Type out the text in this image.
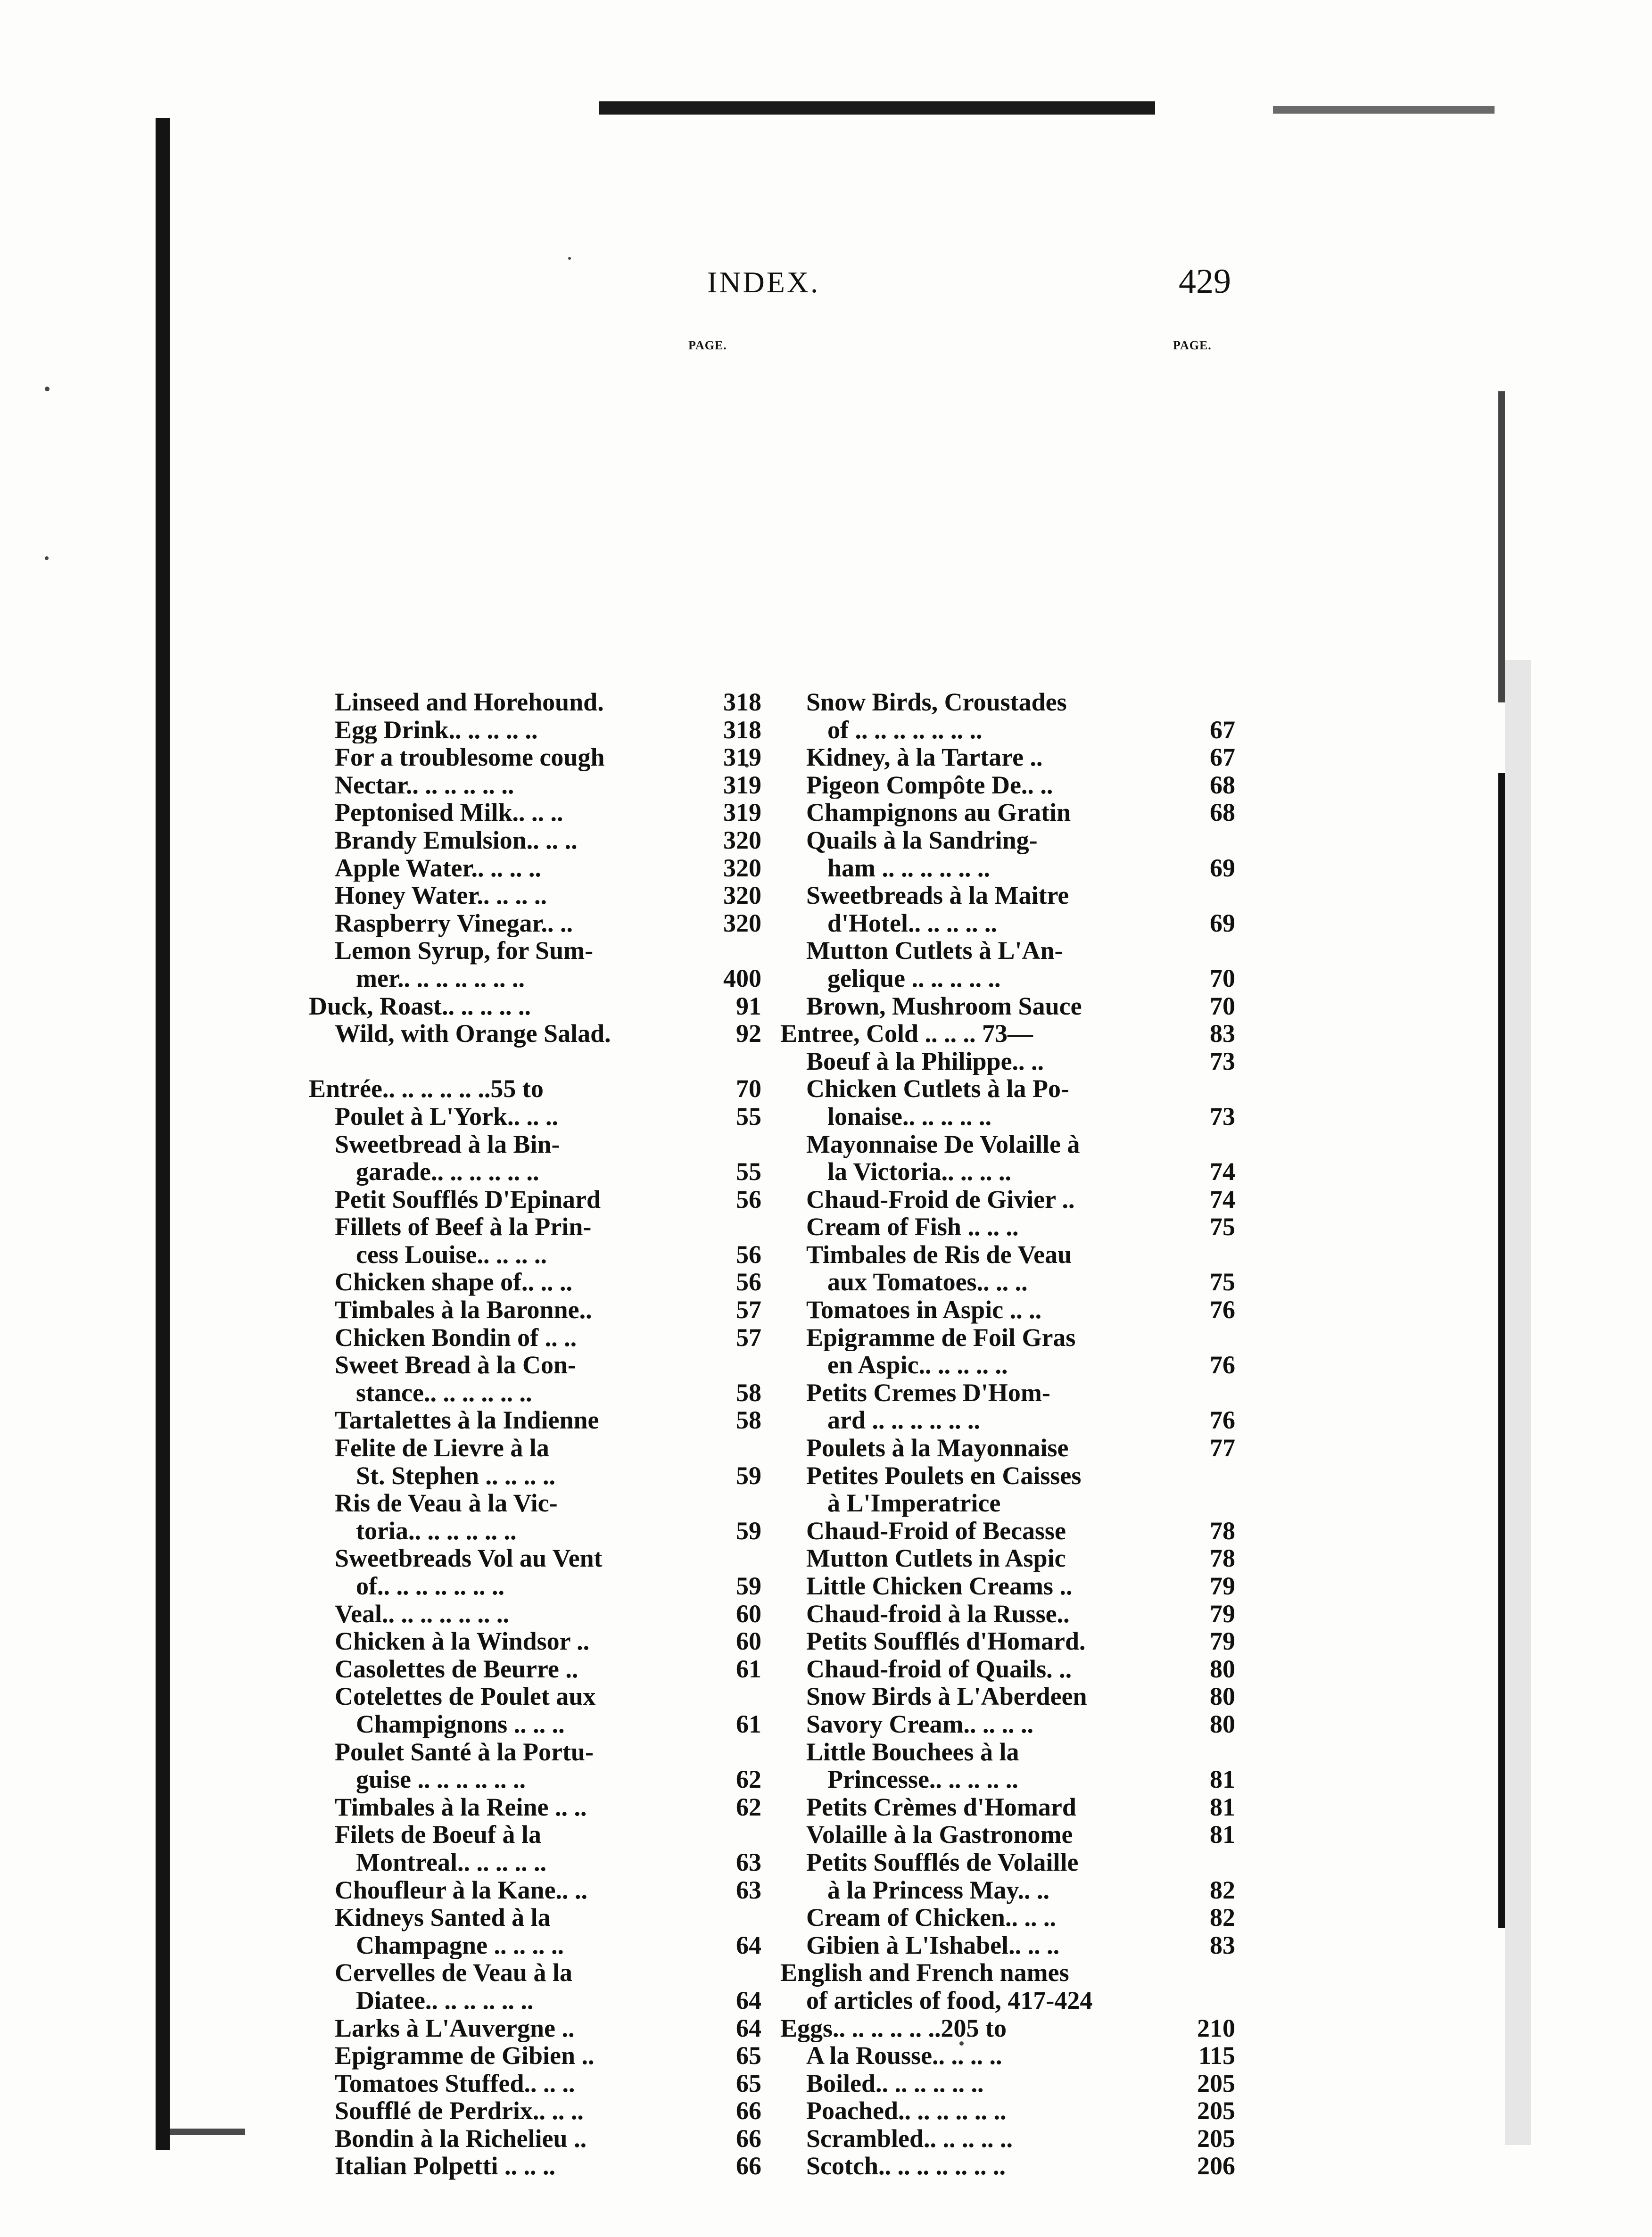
INDEX.	429
PAGE.
Linseed and Horehound.	318
Egg Drink.. .. .. .. ..	318
For a troublesome cough	319
Nectar.. .. .. .. .. ..	319
Peptonised Milk.. .. ..	319
Brandy Emulsion.. .. ..	320
Apple Water.. .. .. ..	320
Honey Water.. .. .. ..	320
Raspberry Vinegar.. ..	320
Lemon Syrup, for Sum-
mer.. .. .. .. .. .. ..	400
Duck, Roast.. .. .. .. ..	91
Wild, with Orange Salad.	92
Entrée.. .. .. .. .. ..55 to	70
Poulet à L'York.. .. ..	55
Sweetbread à la Bin-
garade.. .. .. .. .. ..	55
Petit Soufflés D'Epinard	56
Fillets of Beef à la Prin-
cess Louise.. .. .. ..	56
Chicken shape of.. .. ..	56
Timbales à la Baronne..	57
Chicken Bondin of .. ..	57
Sweet Bread à la Con-
stance.. .. .. .. .. ..	58
Tartalettes à la Indienne	58
Felite de Lievre à la
St. Stephen .. .. .. ..	59
Ris de Veau à la Vic-
toria.. .. .. .. .. ..	59
Sweetbreads Vol au Vent
of.. .. .. .. .. .. ..	59
Veal.. .. .. .. .. .. ..	60
Chicken à la Windsor ..	60
Casolettes de Beurre ..	61
Cotelettes de Poulet aux
Champignons .. .. ..	61
Poulet Santé à la Portu-
guise .. .. .. .. .. ..	62
Timbales à la Reine .. ..	62
Filets de Boeuf à la
Montreal.. .. .. .. ..	63
Choufleur à la Kane.. ..	63
Kidneys Santed à la
Champagne .. .. .. ..	64
Cervelles de Veau à la
Diatee.. .. .. .. .. ..	64
Larks à L'Auvergne ..	64
Epigramme de Gibien ..	65
Tomatoes Stuffed.. .. ..	65
Soufflé de Perdrix.. .. ..	66
Bondin à la Richelieu ..	66
Italian Polpetti .. .. ..	66
PAGE.
Snow Birds, Croustades
of .. .. .. .. .. .. ..	67
Kidney, à la Tartare ..	67
Pigeon Compôte De.. ..	68
Champignons au Gratin	68
Quails à la Sandring-
ham .. .. .. .. .. ..	69
Sweetbreads à la Maitre
d'Hotel.. .. .. .. ..	69
Mutton Cutlets à L'An-
gelique .. .. .. .. ..	70
Brown, Mushroom Sauce	70
Entree, Cold .. .. .. 73—	83
Boeuf à la Philippe.. ..	73
Chicken Cutlets à la Po-
lonaise.. .. .. .. ..	73
Mayonnaise De Volaille à
la Victoria.. .. .. ..	74
Chaud-Froid de Givier ..	74
Cream of Fish .. .. ..	75
Timbales de Ris de Veau
aux Tomatoes.. .. ..	75
Tomatoes in Aspic .. ..	76
Epigramme de Foil Gras
en Aspic.. .. .. .. ..	76
Petits Cremes D'Hom-
ard .. .. .. .. .. ..	76
Poulets à la Mayonnaise	77
Petites Poulets en Caisses
à L'Imperatrice
Chaud-Froid of Becasse	78
Mutton Cutlets in Aspic	78
Little Chicken Creams ..	79
Chaud-froid à la Russe..	79
Petits Soufflés d'Homard.	79
Chaud-froid of Quails. ..	80
Snow Birds à L'Aberdeen	80
Savory Cream.. .. .. ..	80
Little Bouchees à la
Princesse.. .. .. .. ..	81
Petits Crèmes d'Homard	81
Volaille à la Gastronome	81
Petits Soufflés de Volaille
à la Princess May.. ..	82
Cream of Chicken.. .. ..	82
Gibien à L'Ishabel.. .. ..	83
English and French names
of articles of food, 417-424
Eggs.. .. .. .. .. ..205 to	210
A la Rousse.. .. .. ..	115
Boiled.. .. .. .. .. ..	205
Poached.. .. .. .. .. ..	205
Scrambled.. .. .. .. ..	205
Scotch.. .. .. .. .. .. ..	206
